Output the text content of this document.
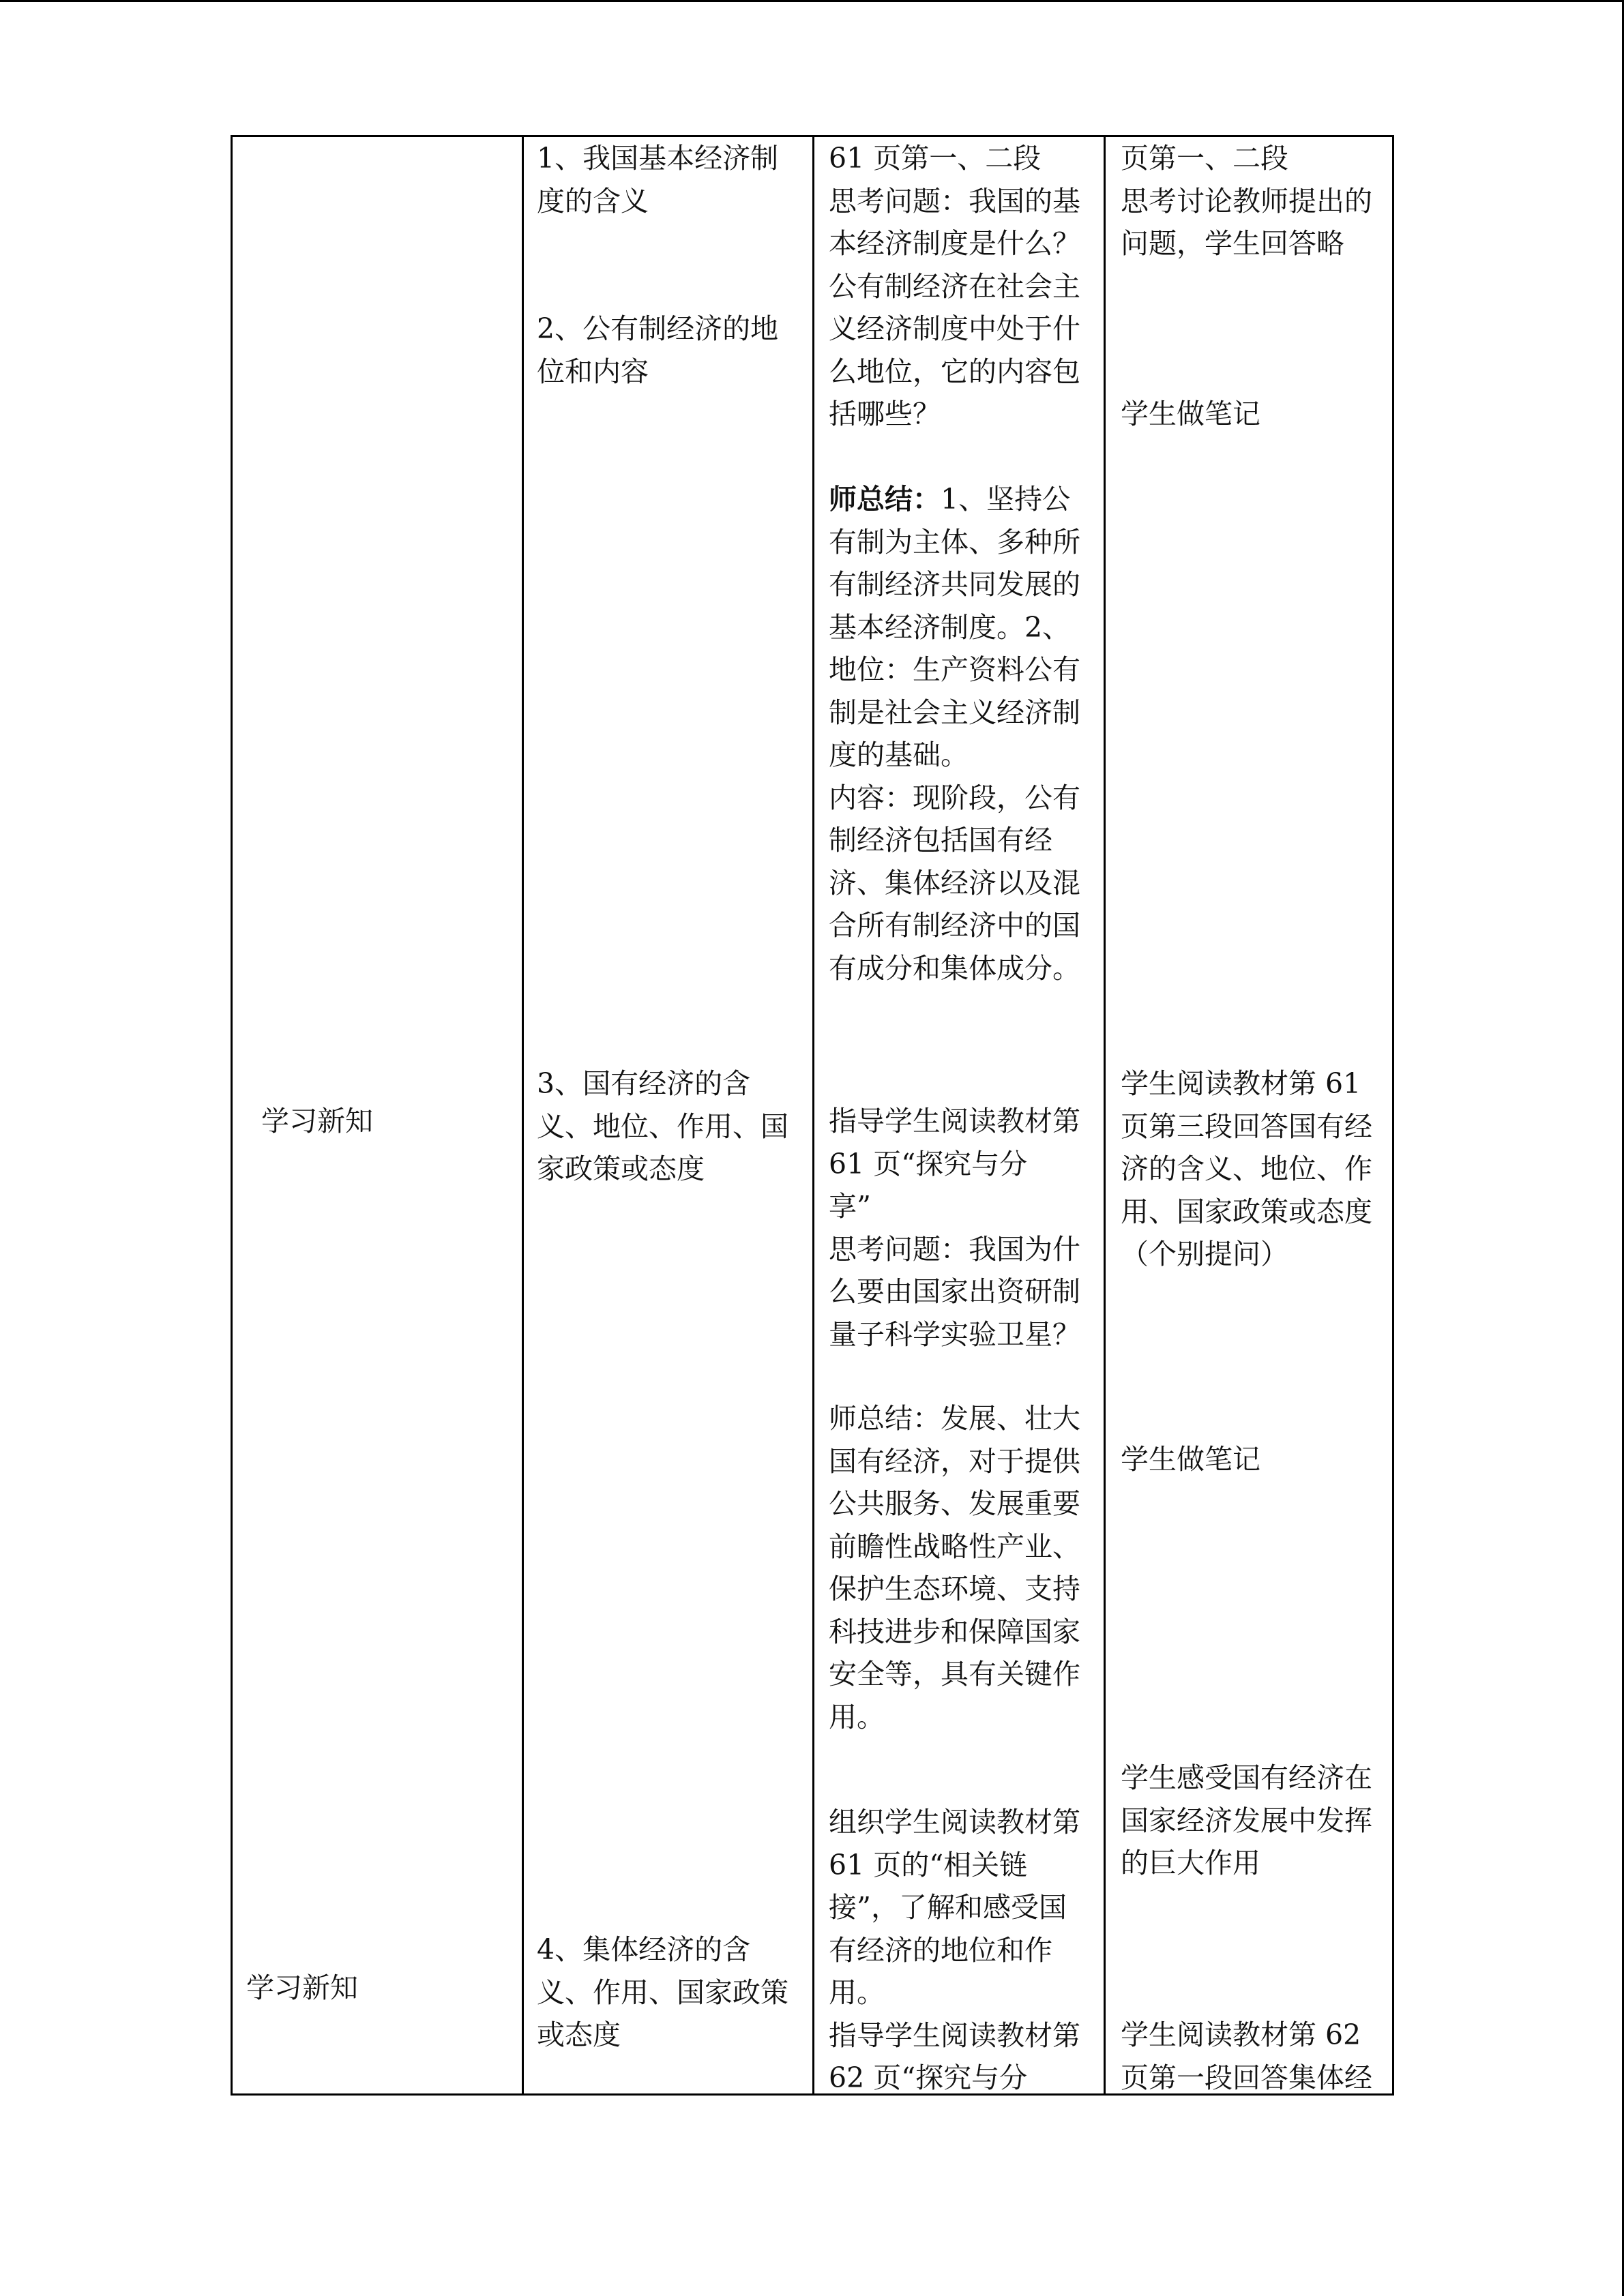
学习新知
学习新知
1、我国基本经济制
度的含义
2、公有制经济的地
位和内容
3、国有经济的含
义、地位、作用、国
家政策或态度
4、集体经济的含
义、作用、国家政策
或态度
61 页第一、二段
思考问题：我国的基
本经济制度是什么？
公有制经济在社会主
义经济制度中处于什
么地位，它的内容包
括哪些？
师总结：1、坚持公
有制为主体、多种所
有制经济共同发展的
基本经济制度。2、
地位：生产资料公有
制是社会主义经济制
度的基础。
内容：现阶段，公有
制经济包括国有经
济、集体经济以及混
合所有制经济中的国
有成分和集体成分。
指导学生阅读教材第
61 页“探究与分
享”
思考问题：我国为什
么要由国家出资研制
量子科学实验卫星？
师总结：发展、壮大
国有经济，对于提供
公共服务、发展重要
前瞻性战略性产业、
保护生态环境、支持
科技进步和保障国家
安全等，具有关键作
用。
组织学生阅读教材第
61 页的“相关链
接”，了解和感受国
有经济的地位和作
用。
指导学生阅读教材第
62 页“探究与分
页第一、二段
思考讨论教师提出的
问题，学生回答略
学生做笔记
学生阅读教材第 61
页第三段回答国有经
济的含义、地位、作
用、国家政策或态度
（个别提问）
学生做笔记
学生感受国有经济在
国家经济发展中发挥
的巨大作用
学生阅读教材第 62
页第一段回答集体经
